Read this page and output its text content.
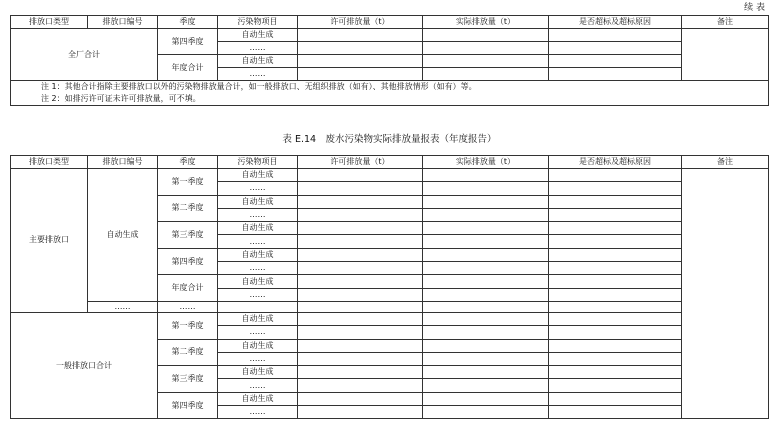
续 表
排放口类型	排放口编号	季度	污染物项目	许可排放量（t）	实际排放量（t）	是否超标及超标原因	备注
全厂合计		第四季度	自动生成				
			……				
		年度合计	自动生成				
			……				

注 1：其他合计指除主要排放口以外的污染物排放量合计，如一般排放口、无组织排放（如有）、其他排放情形（如有）等。
注 2：如排污许可证未许可排放量，可不填。							
表 E.14　废水污染物实际排放量报表（年度报告）
排放口类型	排放口编号	季度	污染物项目	许可排放量（t）	实际排放量（t）	是否超标及超标原因	备注
主要排放口	自动生成	第一季度	自动生成				
			……				
		第二季度	自动生成				
			……				
		第三季度	自动生成				
			……				
		第四季度	自动生成				
			……				
		年度合计	自动生成				
			……				
	……	……					
一般排放口合计		第一季度	自动生成				
			……				
		第二季度	自动生成				
			……				
		第三季度	自动生成				
			……				
		第四季度	自动生成				
			……				
